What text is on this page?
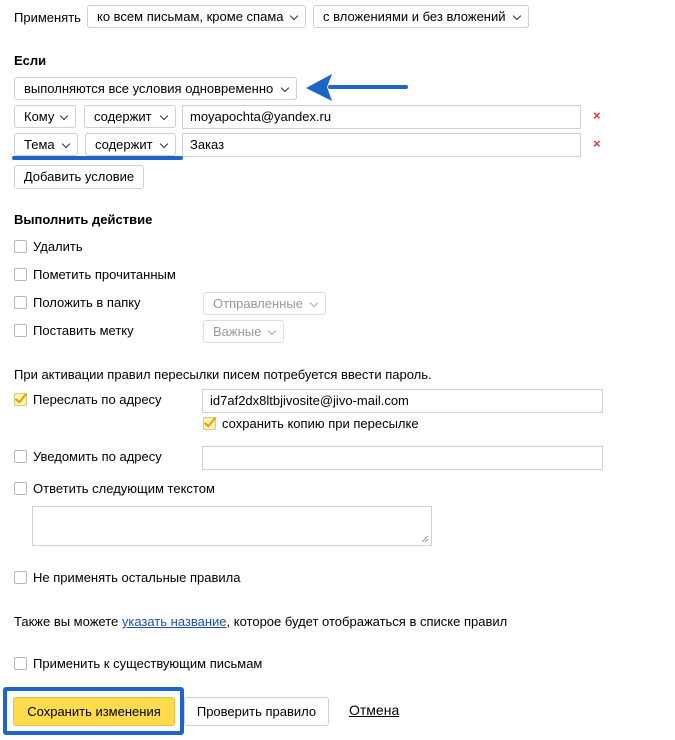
Применять	ко всем письмам, кроме спама	с вложениями и без вложений
Если
выполняются все условия одновременно
Кому	содержит	moyapochta@yandex.ru	×
Тема	содержит	Заказ	×
Добавить условие
Выполнить действие
Удалить
Пометить прочитанным
Положить в папку	Отправленные
Поставить метку	Важные
При активации правил пересылки писем потребуется ввести пароль.
Переслать по адресу	id7af2dx8ltbjivosite@jivo-mail.com
сохранить копию при пересылке
Уведомить по адресу
Ответить следующим текстом
Не применять остальные правила
Также вы можете указать название, которое будет отображаться в списке правил
Применить к существующим письмам
Сохранить изменения	Проверить правило	Отмена
